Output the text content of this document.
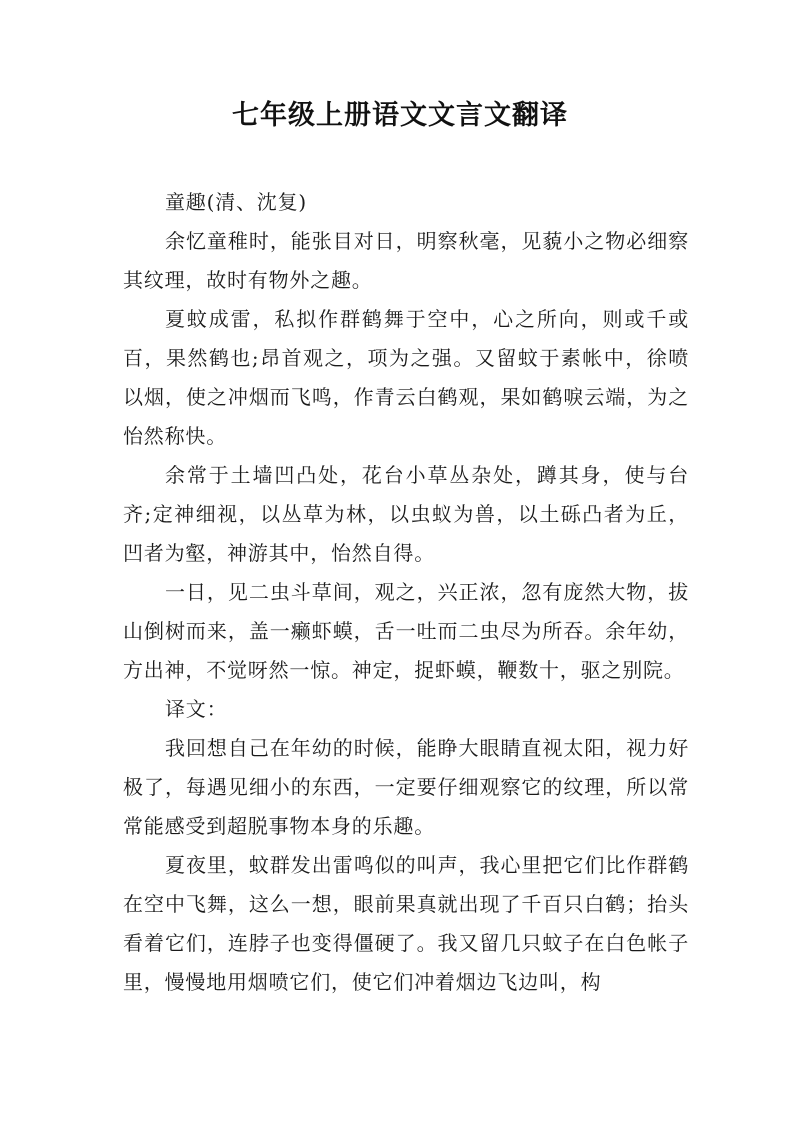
七年级上册语文文言文翻译

童趣(清、沈复)

余忆童稚时，能张目对日，明察秋毫，见藐小之物必细察其纹理，故时有物外之趣。

夏蚊成雷，私拟作群鹤舞于空中，心之所向，则或千或百，果然鹤也;昂首观之，项为之强。又留蚊于素帐中，徐喷以烟，使之冲烟而飞鸣，作青云白鹤观，果如鹤唳云端，为之怡然称快。

余常于土墙凹凸处，花台小草丛杂处，蹲其身，使与台齐;定神细视，以丛草为林，以虫蚁为兽，以土砾凸者为丘，凹者为壑，神游其中，怡然自得。

一日，见二虫斗草间，观之，兴正浓，忽有庞然大物，拔山倒树而来，盖一癞虾蟆，舌一吐而二虫尽为所吞。余年幼，方出神，不觉呀然一惊。神定，捉虾蟆，鞭数十，驱之别院。

译文：

我回想自己在年幼的时候，能睁大眼睛直视太阳，视力好极了，每遇见细小的东西，一定要仔细观察它的纹理，所以常常能感受到超脱事物本身的乐趣。

夏夜里，蚊群发出雷鸣似的叫声，我心里把它们比作群鹤在空中飞舞，这么一想，眼前果真就出现了千百只白鹤；抬头看着它们，连脖子也变得僵硬了。我又留几只蚊子在白色帐子里，慢慢地用烟喷它们，使它们冲着烟边飞边叫，构
